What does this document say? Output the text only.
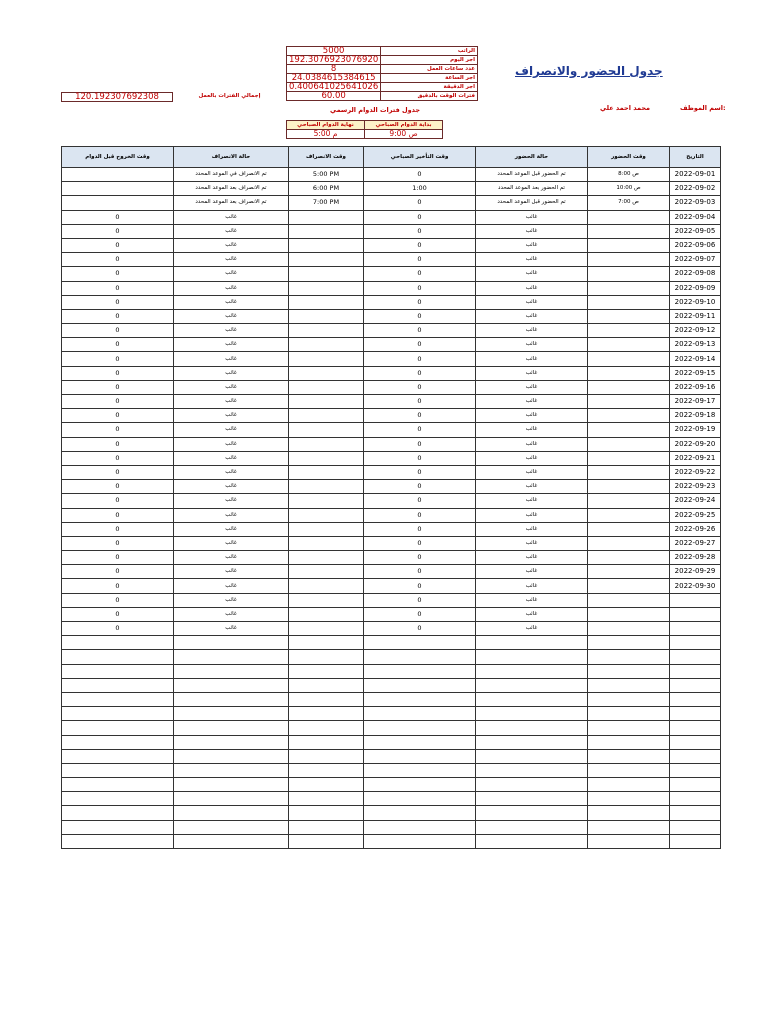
جدول الحضور والانصراف
5000	الراتب
192.3076923076920	اجر اليوم
8	عدد ساعات العمل
24.0384615384615	اجر الساعة
0.400641025641026	اجر الدقيقة
60.00	فترات الوقت بالدقيق
إجمالي الفترات بالعمل
120.192307692308
:اسم الموظف
محمد احمد علي
جدول فترات الدوام الرسمي
نهاية الدوام الصباحي	بداية الدوام الصباحي
م 5:00	ص 9:00
وقت الخروج قبل الدوام	حالة الانصراف	وقت الانصراف	وقت التأخير الصباحي	حالة الحضور	وقت الحضور	التاريخ
	تم الانصراف في الموعد المحدد	5:00 PM	0	تم الحضور قبل الموعد المحدد	ص 8:00	2022-09-01
	تم الانصراف بعد الموعد المحدد	6:00 PM	1:00	تم الحضور بعد الموعد المحدد	ص 10:00	2022-09-02
	تم الانصراف بعد الموعد المحدد	7:00 PM	0	تم الحضور قبل الموعد المحدد	ص 7:00	2022-09-03
0	غائب		0	غائب		2022-09-04
0	غائب		0	غائب		2022-09-05
0	غائب		0	غائب		2022-09-06
0	غائب		0	غائب		2022-09-07
0	غائب		0	غائب		2022-09-08
0	غائب		0	غائب		2022-09-09
0	غائب		0	غائب		2022-09-10
0	غائب		0	غائب		2022-09-11
0	غائب		0	غائب		2022-09-12
0	غائب		0	غائب		2022-09-13
0	غائب		0	غائب		2022-09-14
0	غائب		0	غائب		2022-09-15
0	غائب		0	غائب		2022-09-16
0	غائب		0	غائب		2022-09-17
0	غائب		0	غائب		2022-09-18
0	غائب		0	غائب		2022-09-19
0	غائب		0	غائب		2022-09-20
0	غائب		0	غائب		2022-09-21
0	غائب		0	غائب		2022-09-22
0	غائب		0	غائب		2022-09-23
0	غائب		0	غائب		2022-09-24
0	غائب		0	غائب		2022-09-25
0	غائب		0	غائب		2022-09-26
0	غائب		0	غائب		2022-09-27
0	غائب		0	غائب		2022-09-28
0	غائب		0	غائب		2022-09-29
0	غائب		0	غائب		2022-09-30
0	غائب		0	غائب		
0	غائب		0	غائب		
0	غائب		0	غائب		
